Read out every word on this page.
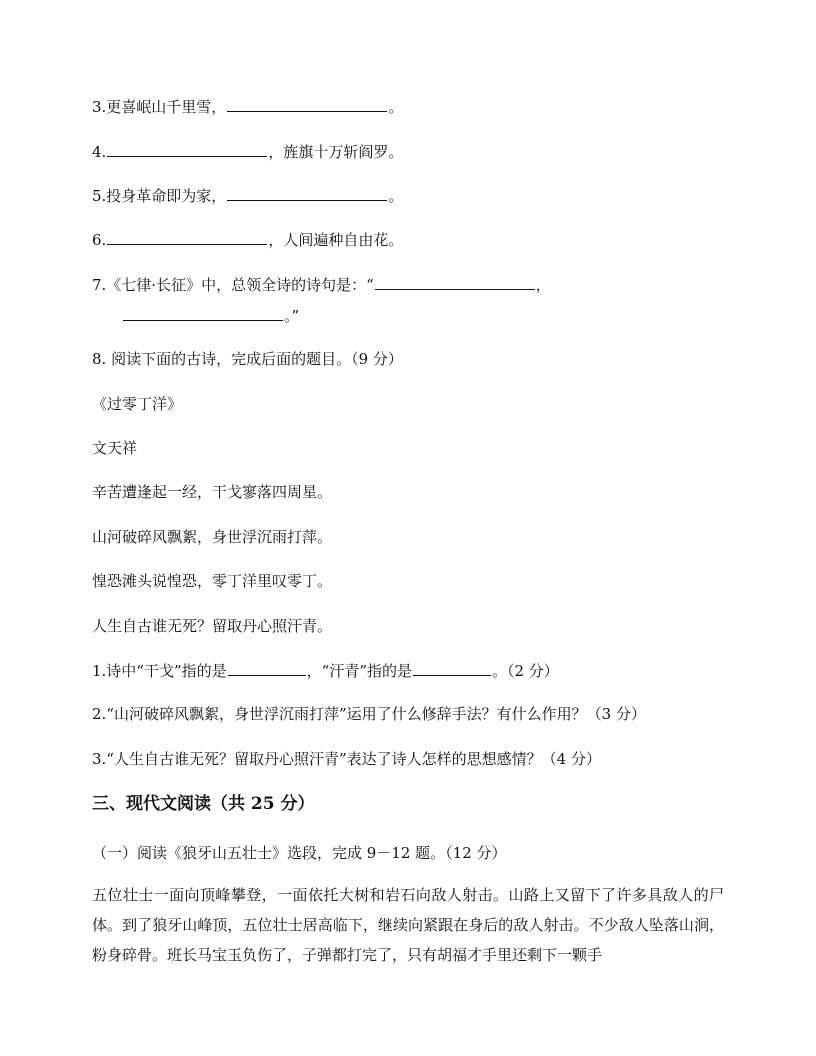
3.更喜岷山千里雪，	。
4.	，旌旗十万斩阎罗。
5.投身革命即为家，	。
6.	，人间遍种自由花。
7.《七律·长征》中，总领全诗的诗句是：“	，
。”
8. 阅读下面的古诗，完成后面的题目。（9 分）
《过零丁洋》
文天祥
辛苦遭逢起一经，干戈寥落四周星。
山河破碎风飘絮，身世浮沉雨打萍。
惶恐滩头说惶恐，零丁洋里叹零丁。
人生自古谁无死？留取丹心照汗青。
1.诗中“干戈”指的是	，“汗青”指的是	。（2 分）
2.“山河破碎风飘絮，身世浮沉雨打萍”运用了什么修辞手法？有什么作用？（3 分）
3.“人生自古谁无死？留取丹心照汗青”表达了诗人怎样的思想感情？（4 分）
三、现代文阅读（共 25 分）
（一）阅读《狼牙山五壮士》选段，完成 9－12 题。（12 分）
五位壮士一面向顶峰攀登，一面依托大树和岩石向敌人射击。山路上又留下了许多具敌人的尸体。到了狼牙山峰顶，五位壮士居高临下，继续向紧跟在身后的敌人射击。不少敌人坠落山涧，粉身碎骨。班长马宝玉负伤了，子弹都打完了，只有胡福才手里还剩下一颗手
